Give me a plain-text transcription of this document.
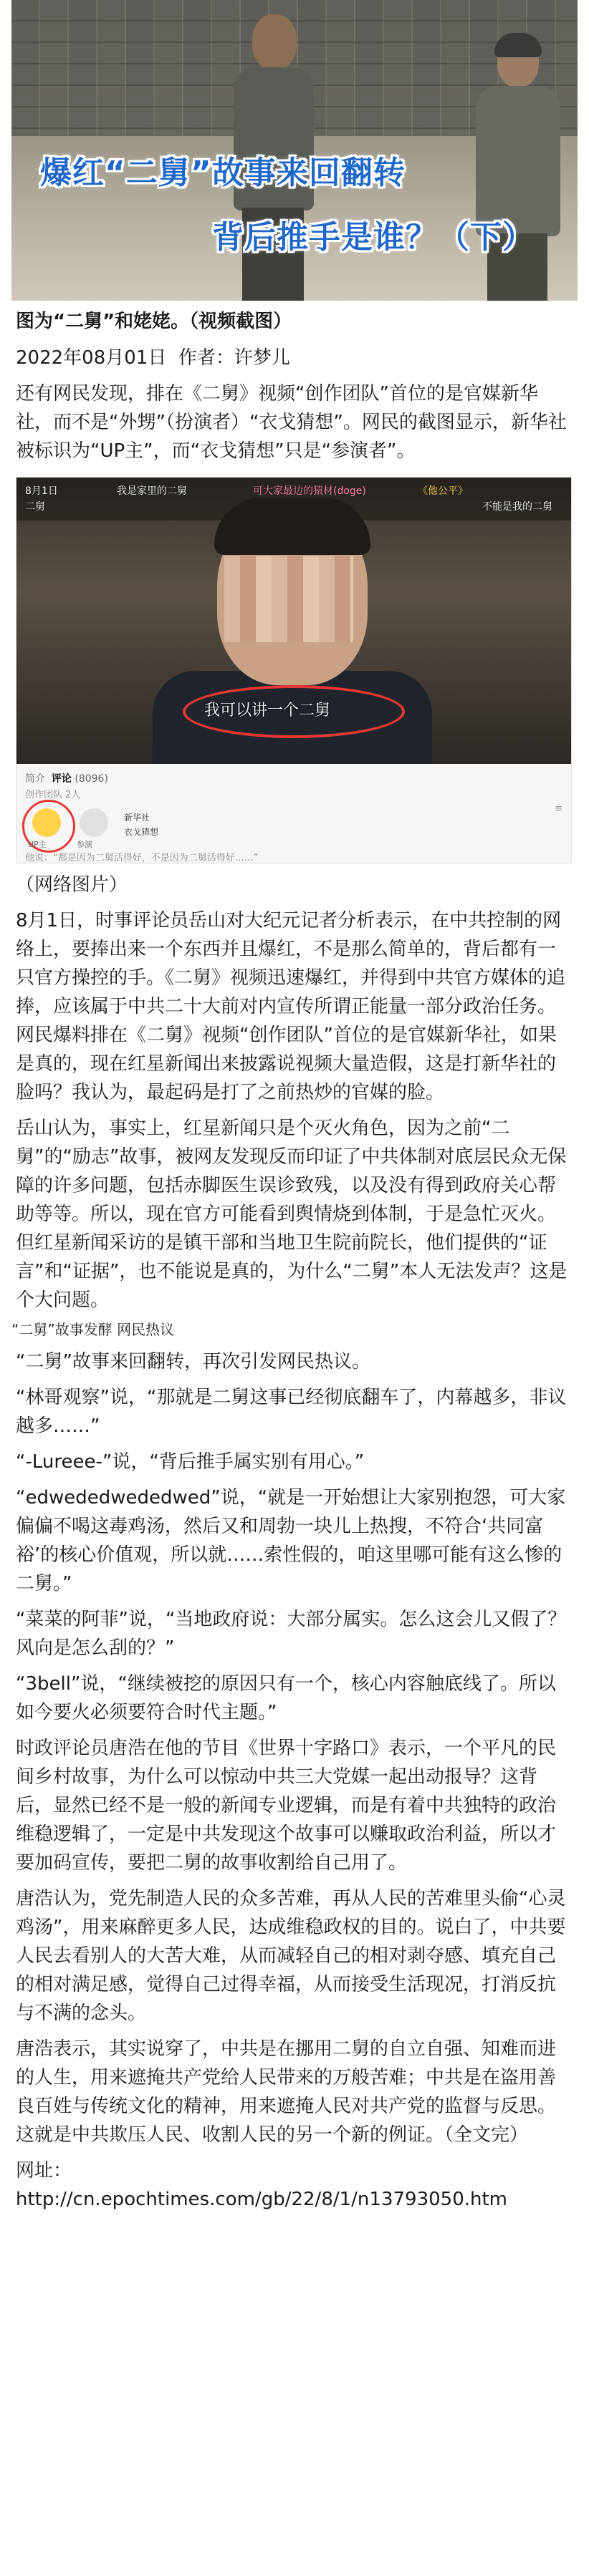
爆红“二舅”故事来回翻转
背后推手是谁？（下）
图为“二舅”和姥姥。（视频截图）
2022年08月01日 作者：许梦儿

还有网民发现，排在《二舅》视频“创作团队”首位的是官媒新华社，而不是“外甥”（扮演者）“衣戈猜想”。网民的截图显示，新华社被标识为“UP主”，而“衣戈猜想”只是“参演者”。

8月1日
二舅
我是家里的二舅	可大家最边的猿材(doge)	《他公平》
不能是我的二舅
我可以讲一个二舅
简介 评论 (8096)
创作团队 2人
UP主	参演
新华社
衣戈猜想
≡
他说：“都是因为二舅活得好，不是因为二舅活得好……”
（网络图片）

8月1日，时事评论员岳山对大纪元记者分析表示，在中共控制的网络上，要捧出来一个东西并且爆红，不是那么简单的，背后都有一只官方操控的手。《二舅》视频迅速爆红，并得到中共官方媒体的追捧，应该属于中共二十大前对内宣传所谓正能量一部分政治任务。网民爆料排在《二舅》视频“创作团队”首位的是官媒新华社，如果是真的，现在红星新闻出来披露说视频大量造假，这是打新华社的脸吗？我认为，最起码是打了之前热炒的官媒的脸。

岳山认为，事实上，红星新闻只是个灭火角色，因为之前“二舅”的“励志”故事，被网友发现反而印证了中共体制对底层民众无保障的许多问题，包括赤脚医生误诊致残，以及没有得到政府关心帮助等等。所以，现在官方可能看到舆情烧到体制，于是急忙灭火。但红星新闻采访的是镇干部和当地卫生院前院长，他们提供的“证言”和“证据”，也不能说是真的，为什么“二舅”本人无法发声？这是个大问题。

“二舅”故事发酵 网民热议

“二舅”故事来回翻转，再次引发网民热议。

“林哥观察”说，“那就是二舅这事已经彻底翻车了，内幕越多，非议越多……”

“-Lureee-”说，“背后推手属实别有用心。”

“edwededwededwed”说，“就是一开始想让大家别抱怨，可大家偏偏不喝这毒鸡汤，然后又和周勃一块儿上热搜，不符合‘共同富裕’的核心价值观，所以就……索性假的，咱这里哪可能有这么惨的二舅。”

“菜菜的阿菲”说，“当地政府说：大部分属实。怎么这会儿又假了？风向是怎么刮的？”

“3bell”说，“继续被挖的原因只有一个，核心内容触底线了。所以如今要火必须要符合时代主题。”

时政评论员唐浩在他的节目《世界十字路口》表示，一个平凡的民间乡村故事，为什么可以惊动中共三大党媒一起出动报导？这背后，显然已经不是一般的新闻专业逻辑，而是有着中共独特的政治维稳逻辑了，一定是中共发现这个故事可以赚取政治利益，所以才要加码宣传，要把二舅的故事收割给自己用了。

唐浩认为，党先制造人民的众多苦难，再从人民的苦难里头偷“心灵鸡汤”，用来麻醉更多人民，达成维稳政权的目的。说白了，中共要人民去看别人的大苦大难，从而减轻自己的相对剥夺感、填充自己的相对满足感，觉得自己过得幸福，从而接受生活现况，打消反抗与不满的念头。

唐浩表示，其实说穿了，中共是在挪用二舅的自立自强、知难而进的人生，用来遮掩共产党给人民带来的万般苦难；中共是在盗用善良百姓与传统文化的精神，用来遮掩人民对共产党的监督与反思。这就是中共欺压人民、收割人民的另一个新的例证。（全文完）

网址：
http://cn.epochtimes.com/gb/22/8/1/n13793050.htm
